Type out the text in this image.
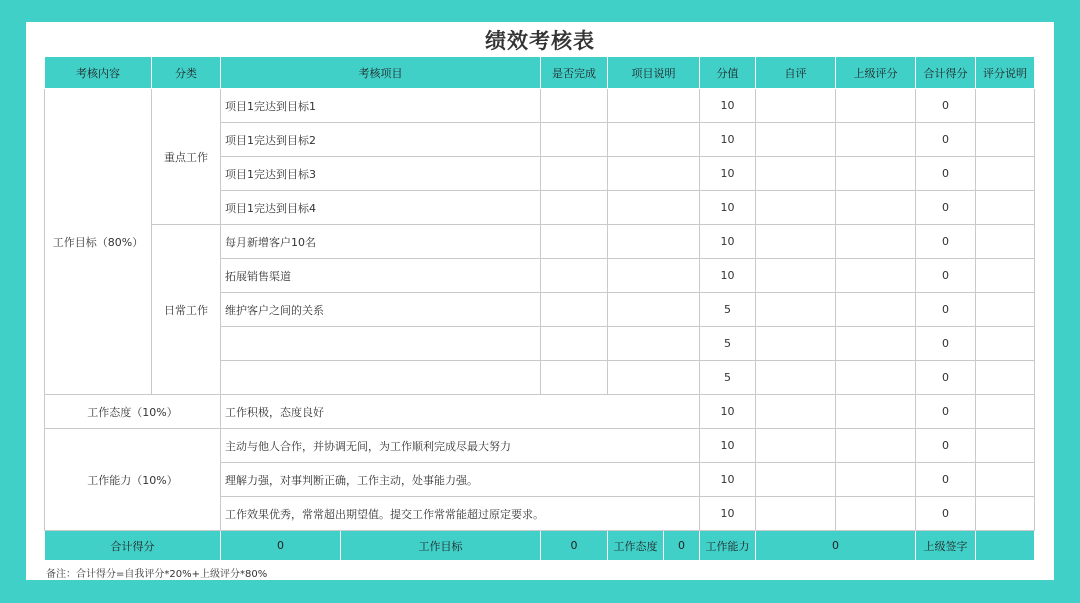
绩效考核表
考核内容	分类	考核项目		是否完成	项目说明		分值	自评	上级评分	合计得分	评分说明
工作目标（80%）	重点工作	项目1完达到目标1					10			0	
		项目1完达到目标2					10			0	
		项目1完达到目标3					10			0	
		项目1完达到目标4					10			0	
	日常工作	每月新增客户10名					10			0	
		拓展销售渠道					10			0	
		维护客户之间的关系					5			0	
							5			0	
							5			0	
工作态度（10%）		工作积极，态度良好					10			0	
工作能力（10%）		主动与他人合作，并协调无间，为工作顺利完成尽最大努力					10			0	
		理解力强，对事判断正确，工作主动，处事能力强。					10			0	
		工作效果优秀，常常超出期望值。提交工作常常能超过原定要求。					10			0	
合计得分		0	工作目标	0	工作态度	0	工作能力	0		上级签字	
备注：合计得分=自我评分*20%+上级评分*80%
